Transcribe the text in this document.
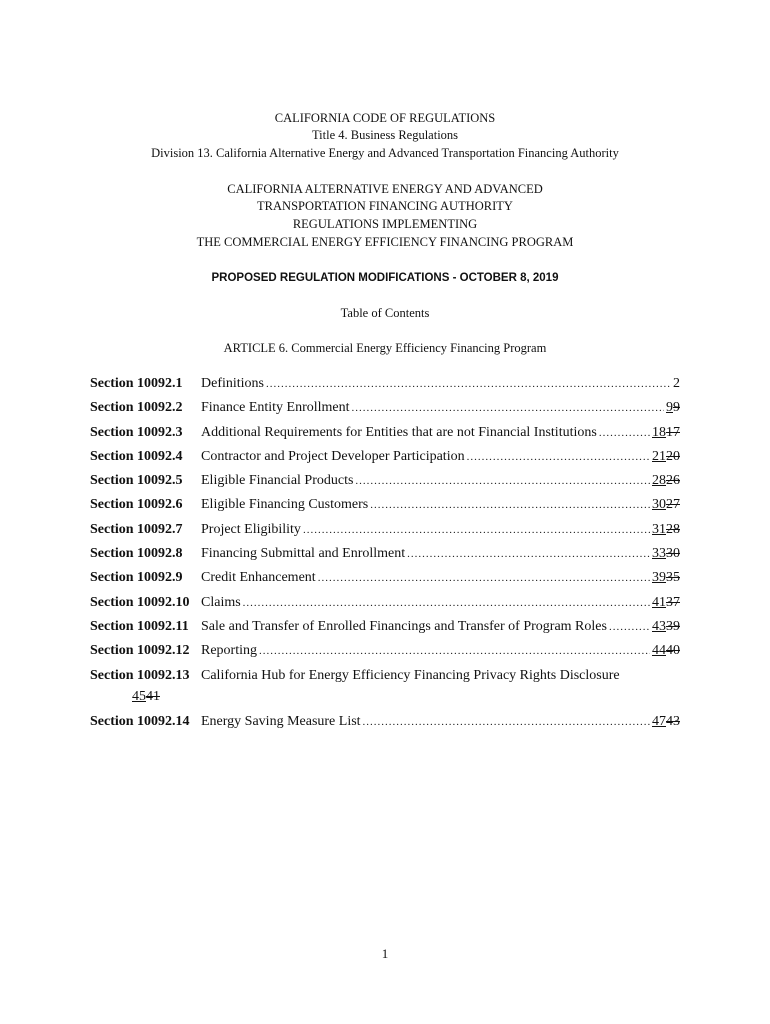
CALIFORNIA CODE OF REGULATIONS
Title 4. Business Regulations
Division 13. California Alternative Energy and Advanced Transportation Financing Authority
CALIFORNIA ALTERNATIVE ENERGY AND ADVANCED
TRANSPORTATION FINANCING AUTHORITY
REGULATIONS IMPLEMENTING
THE COMMERCIAL ENERGY EFFICIENCY FINANCING PROGRAM
PROPOSED REGULATION MODIFICATIONS - OCTOBER 8, 2019
Table of Contents
ARTICLE 6. Commercial Energy Efficiency Financing Program
Section 10092.1 Definitions .....	2
Section 10092.2 Finance Entity Enrollment .....	99
Section 10092.3 Additional Requirements for Entities that are not Financial Institutions .....	1817
Section 10092.4 Contractor and Project Developer Participation .....	2120
Section 10092.5 Eligible Financial Products .....	2826
Section 10092.6 Eligible Financing Customers .....	3027
Section 10092.7 Project Eligibility .....	3128
Section 10092.8 Financing Submittal and Enrollment .....	3330
Section 10092.9 Credit Enhancement .....	3935
Section 10092.10 Claims .....	4137
Section 10092.11 Sale and Transfer of Enrolled Financings and Transfer of Program Roles .....	4339
Section 10092.12 Reporting .....	4440
Section 10092.13 California Hub for Energy Efficiency Financing Privacy Rights Disclosure
4541
Section 10092.14 Energy Saving Measure List .....	4743
1
